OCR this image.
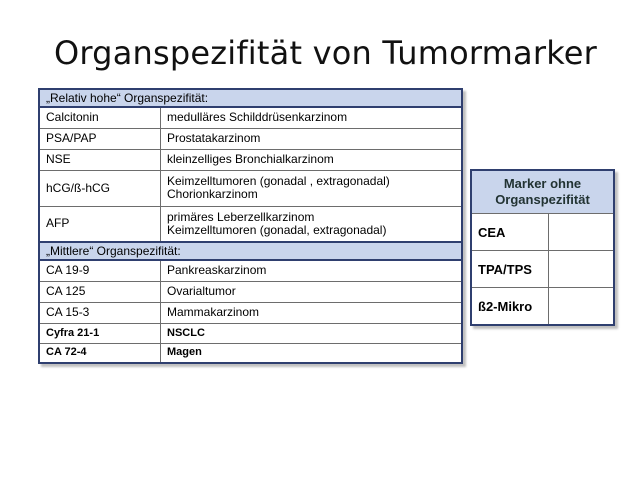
Organspezifität von Tumormarker
„Relativ hohe“ Organspezifität:	
Calcitonin	medulläres Schilddrüsenkarzinom
PSA/PAP	Prostatakarzinom
NSE	kleinzelliges Bronchialkarzinom
hCG/ß-hCG	Keimzelltumoren (gonadal , extragonadal)
Chorionkarzinom

AFP	primäres Leberzellkarzinom
Keimzelltumoren (gonadal, extragonadal)

„Mittlere“ Organspezifität:	
CA 19-9	Pankreaskarzinom
CA 125	Ovarialtumor
CA 15-3	Mammakarzinom
Cyfra 21-1	NSCLC
CA 72-4	Magen
Marker ohne
Organspezifität	

CEA	
TPA/TPS	
ß2-Mikro	
